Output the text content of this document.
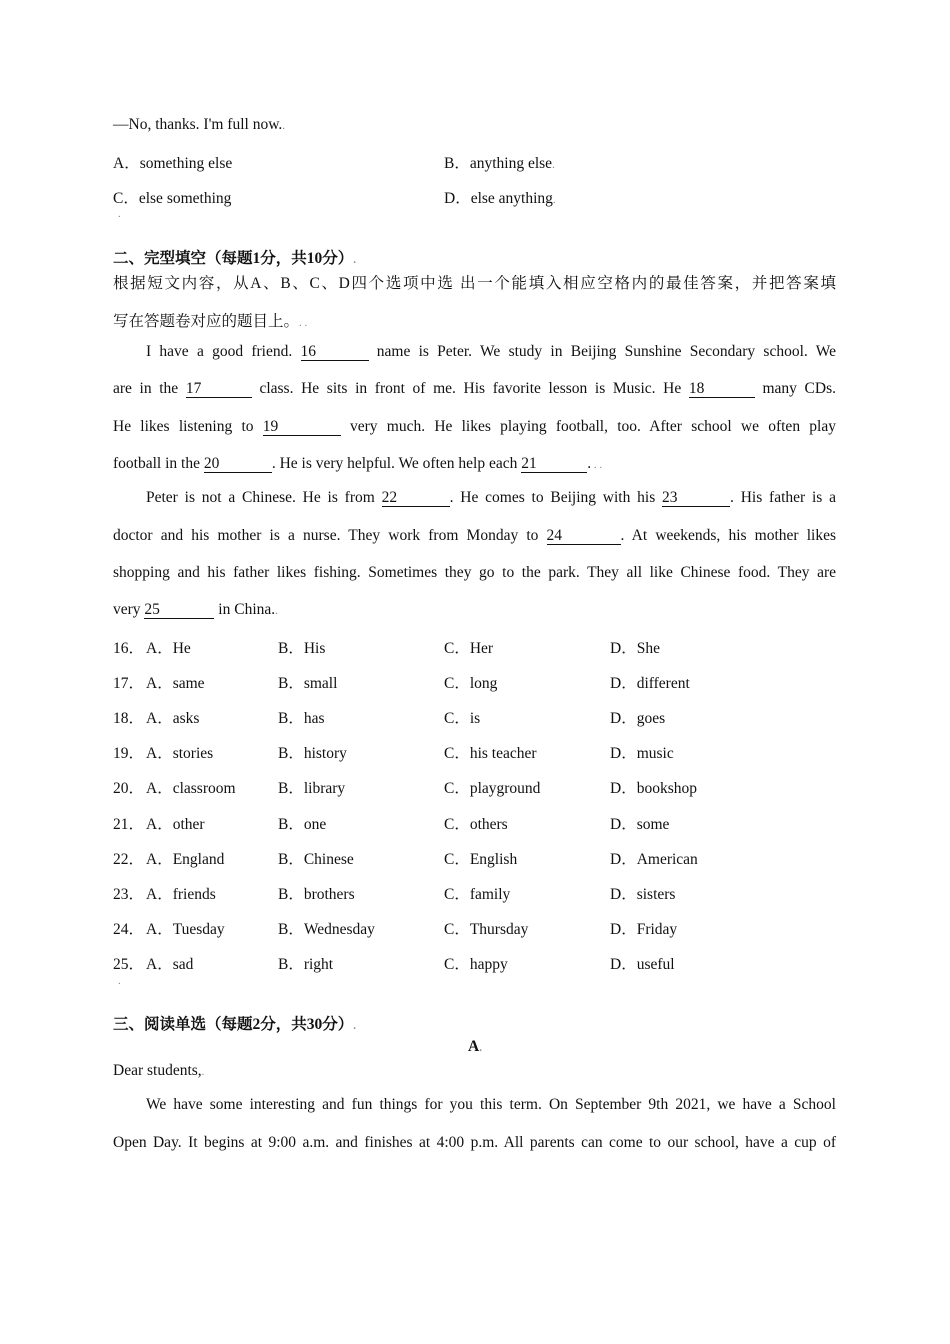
—No, thanks. I'm full now..
A．something else	B．anything else.
C．else something	D．else anything.
.
二、完型填空（每题1分，共10分）.
根据短文内容，从A、B、C、D四个选项中选 出一个能填入相应空格内的最佳答案，并把答案填
写在答题卷对应的题目上。. .
I have a good friend. 16	name is Peter. We study in Beijing Sunshine Secondary school. We
are in the 17	class. He sits in front of me. His favorite lesson is Music. He 18	many CDs.
He likes listening to 19	very much. He likes playing football, too. After school we often play
football in the 20	. He is very helpful. We often help each 21	. . .
Peter is not a Chinese. He is from 22	. He comes to Beijing with his 23	. His father is a
doctor and his mother is a nurse. They work from Monday to 24	. At weekends, his mother likes
shopping and his father likes fishing. Sometimes they go to the park. They all like Chinese food. They are
very 25	in China..
16． A．He	B．His	C．Her	D．She
17． A．same	B．small	C．long	D．different
18． A．asks	B．has	C．is	D．goes
19． A．stories	B．history	C．his teacher	D．music
20． A．classroom	B．library	C．playground	D．bookshop
21． A．other	B．one	C．others	D．some
22． A．England	B．Chinese	C．English	D．American
23． A．friends	B．brothers	C．family	D．sisters
24． A．Tuesday	B．Wednesday	C．Thursday	D．Friday
25． A．sad	B．right	C．happy	D．useful
.
三、阅读单选（每题2分，共30分）.
A.
Dear students,.
We have some interesting and fun things for you this term. On September 9th 2021, we have a School
Open Day. It begins at 9:00 a.m. and finishes at 4:00 p.m. All parents can come to our school, have a cup of
